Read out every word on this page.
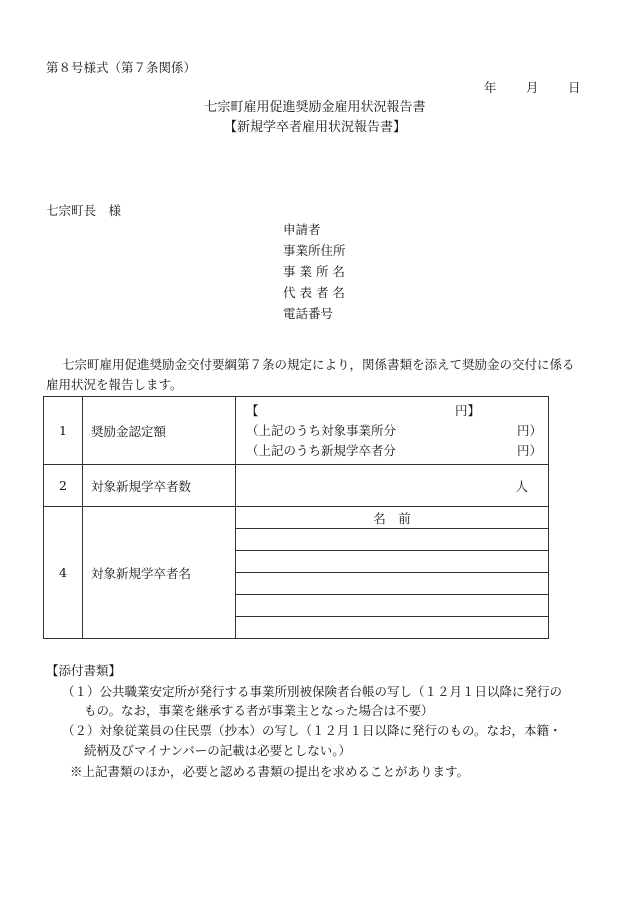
第８号様式（第７条関係）
年 月 日
七宗町雇用促進奨励金雇用状況報告書
【新規学卒者雇用状況報告書】
七宗町長　様
申請者
事業所住所
事 業 所 名
代 表 者 名
電話番号
七宗町雇用促進奨励金交付要綱第７条の規定により，関係書類を添えて奨励金の交付に係る雇用状況を報告します。
1	奨励金認定額	
【	円】
（上記のうち対象事業所分	円）
（上記のうち新規学卒者分	円）

2	対象新規学卒者数	人
4	対象新規学卒者名	
名　前

【添付書類】
（１）公共職業安定所が発行する事業所別被保険者台帳の写し（１２月１日以降に発行の
もの。なお，事業を継承する者が事業主となった場合は不要）
（２）対象従業員の住民票（抄本）の写し（１２月１日以降に発行のもの。なお，本籍・
続柄及びマイナンバーの記載は必要としない。）
※上記書類のほか，必要と認める書類の提出を求めることがあります。
